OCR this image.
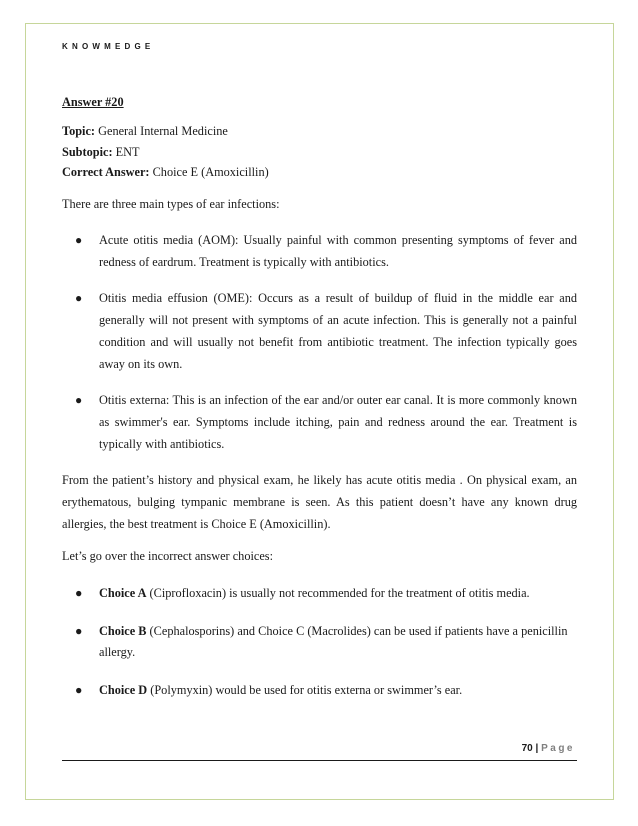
KNOWMEDGE

Answer #20

Topic: General Internal Medicine

Subtopic: ENT

Correct Answer: Choice E (Amoxicillin)

There are three main types of ear infections:

● Acute otitis media (AOM): Usually painful with common presenting symptoms of fever and redness of eardrum. Treatment is typically with antibiotics.
● Otitis media effusion (OME): Occurs as a result of buildup of fluid in the middle ear and generally will not present with symptoms of an acute infection. This is generally not a painful condition and will usually not benefit from antibiotic treatment. The infection typically goes away on its own.
● Otitis externa: This is an infection of the ear and/or outer ear canal. It is more commonly known as swimmer's ear. Symptoms include itching, pain and redness around the ear. Treatment is typically with antibiotics.

From the patient’s history and physical exam, he likely has acute otitis media . On physical exam, an erythematous, bulging tympanic membrane is seen. As this patient doesn’t have any known drug allergies, the best treatment is Choice E (Amoxicillin).

Let’s go over the incorrect answer choices:

● Choice A (Ciprofloxacin) is usually not recommended for the treatment of otitis media.
● Choice B (Cephalosporins) and Choice C (Macrolides) can be used if patients have a penicillin allergy.
● Choice D (Polymyxin) would be used for otitis externa or swimmer’s ear.
70 | Page
